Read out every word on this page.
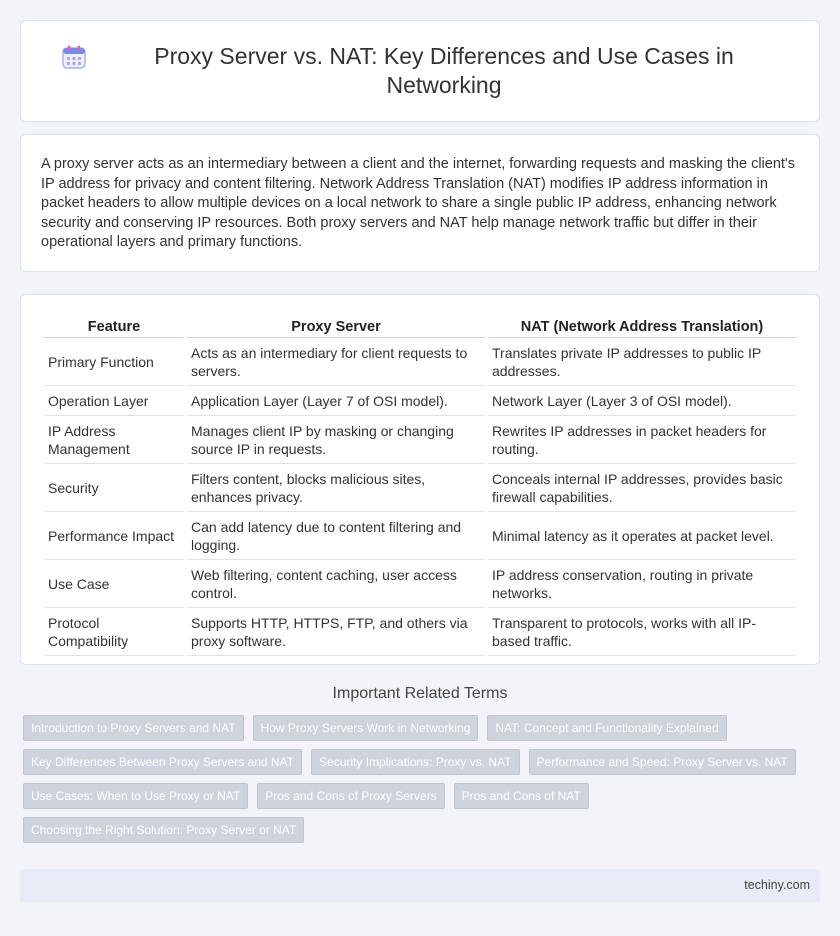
Proxy Server vs. NAT: Key Differences and Use Cases in Networking

A proxy server acts as an intermediary between a client and the internet, forwarding requests and masking the client's IP address for privacy and content filtering. Network Address Translation (NAT) modifies IP address information in packet headers to allow multiple devices on a local network to share a single public IP address, enhancing network security and conserving IP resources. Both proxy servers and NAT help manage network traffic but differ in their operational layers and primary functions.

Feature	Proxy Server	NAT (Network Address Translation)
Primary Function	Acts as an intermediary for client requests to servers.	Translates private IP addresses to public IP addresses.
Operation Layer	Application Layer (Layer 7 of OSI model).	Network Layer (Layer 3 of OSI model).
IP Address Management	Manages client IP by masking or changing source IP in requests.	Rewrites IP addresses in packet headers for routing.
Security	Filters content, blocks malicious sites, enhances privacy.	Conceals internal IP addresses, provides basic firewall capabilities.
Performance Impact	Can add latency due to content filtering and logging.	Minimal latency as it operates at packet level.
Use Case	Web filtering, content caching, user access control.	IP address conservation, routing in private networks.
Protocol Compatibility	Supports HTTP, HTTPS, FTP, and others via proxy software.	Transparent to protocols, works with all IP-based traffic.
Important Related Terms
Introduction to Proxy Servers and NAT	How Proxy Servers Work in Networking	NAT: Concept and Functionality Explained
Key Differences Between Proxy Servers and NAT	Security Implications: Proxy vs. NAT	Performance and Speed: Proxy Server vs. NAT
Use Cases: When to Use Proxy or NAT	Pros and Cons of Proxy Servers	Pros and Cons of NAT
Choosing the Right Solution: Proxy Server or NAT
techiny.com
